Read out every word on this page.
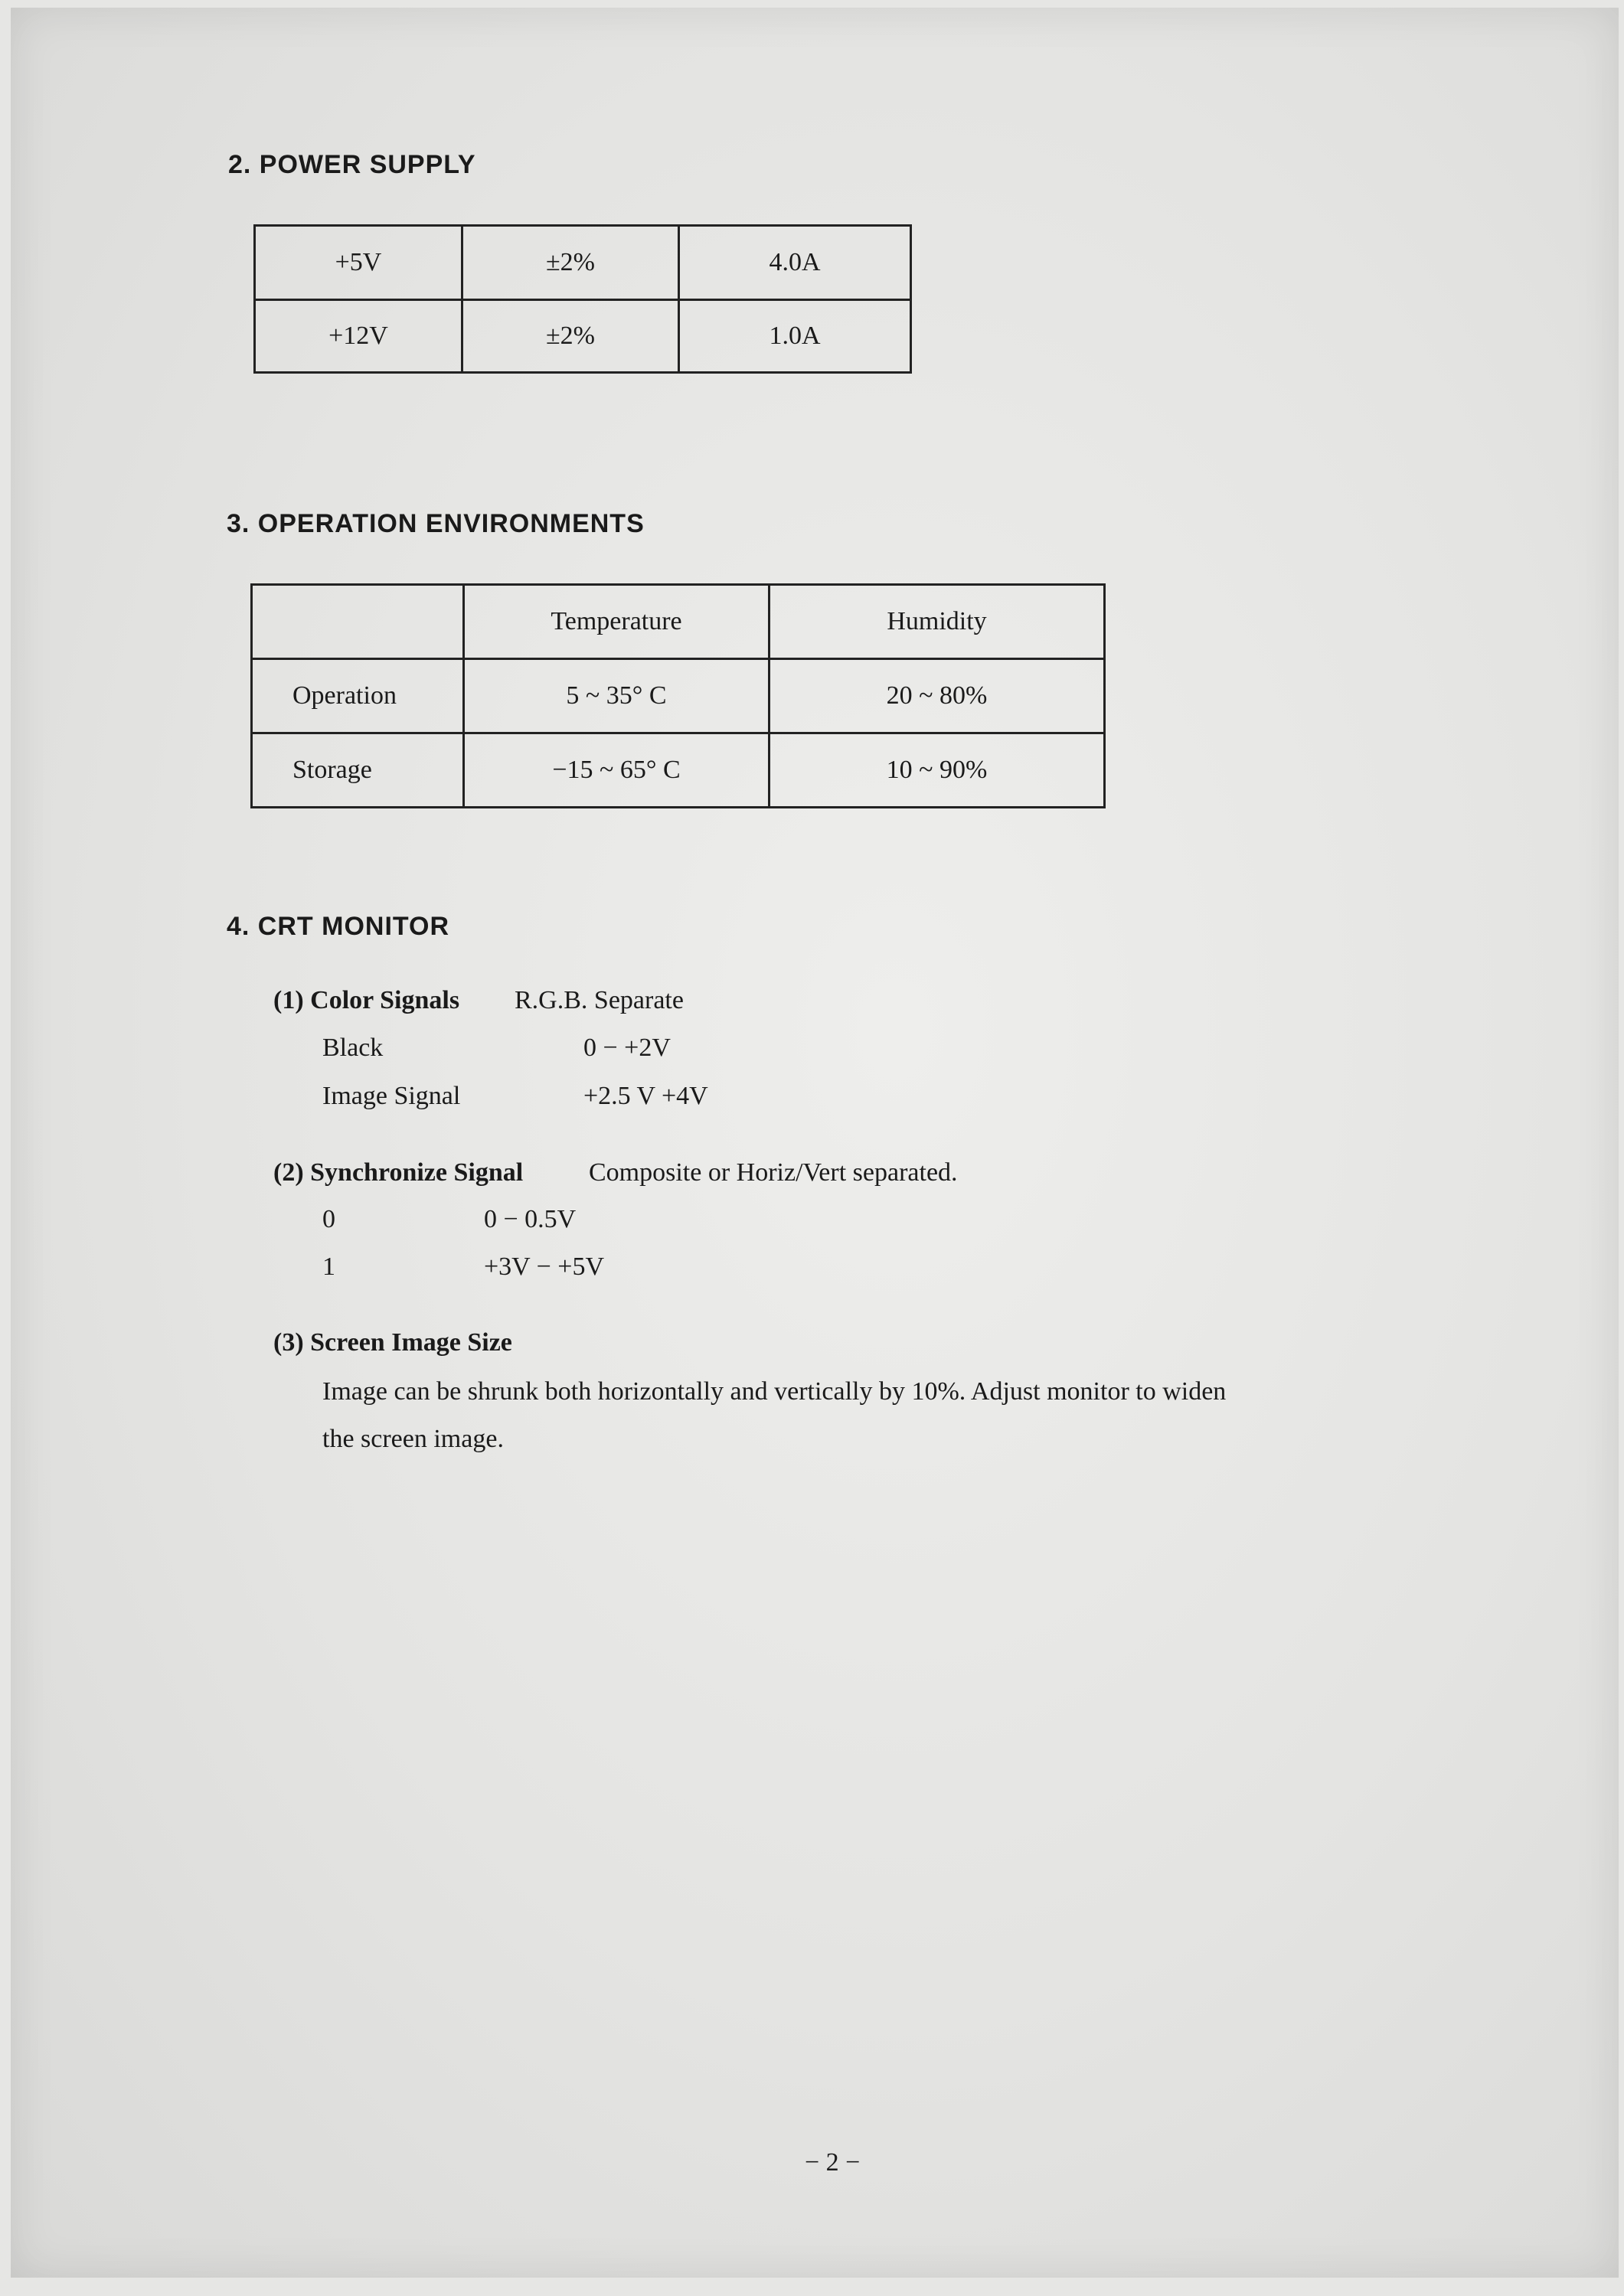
2. POWER SUPPLY
+5V	±2%	4.0A
+12V	±2%	1.0A
3. OPERATION ENVIRONMENTS
	Temperature	Humidity
Operation	5 ~ 35° C	20 ~ 80%
Storage	−15 ~ 65° C	10 ~ 90%
4. CRT MONITOR
(1) Color Signals R.G.B. Separate
Black	0 − +2V
Image Signal	+2.5 V +4V
(2) Synchronize Signal	Composite or Horiz/Vert separated.
0	0 − 0.5V
1	+3V − +5V
(3) Screen Image Size
Image can be shrunk both horizontally and vertically by 10%. Adjust monitor to widen
the screen image.
− 2 −
